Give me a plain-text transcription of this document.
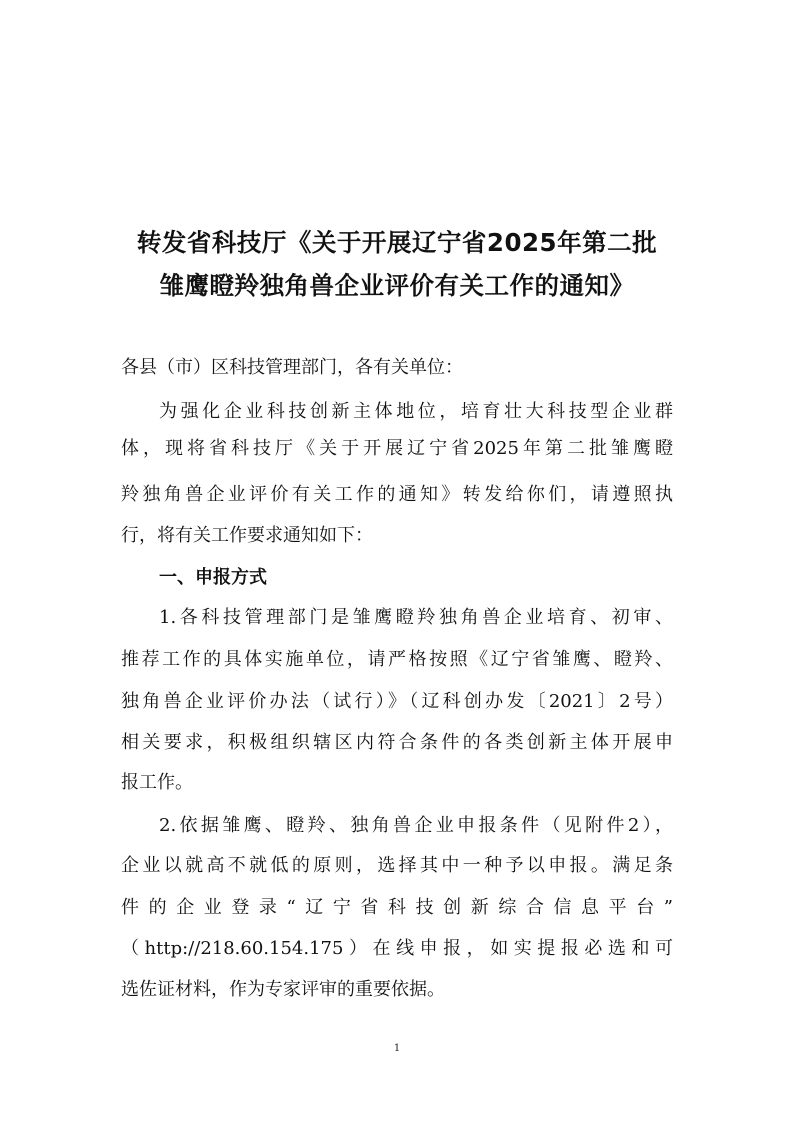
转发省科技厅《关于开展辽宁省2025年第二批
雏鹰瞪羚独角兽企业评价有关工作的通知》
各县（市）区科技管理部门，各有关单位：
为强化企业科技创新主体地位，培育壮大科技型企业群
体，现将省科技厅《关于开展辽宁省2025年第二批雏鹰瞪
羚独角兽企业评价有关工作的通知》转发给你们，请遵照执
行，将有关工作要求通知如下：
一、申报方式
1.各科技管理部门是雏鹰瞪羚独角兽企业培育、初审、
推荐工作的具体实施单位，请严格按照《辽宁省雏鹰、瞪羚、
独角兽企业评价办法（试行）》（辽科创办发〔2021〕2号）
相关要求，积极组织辖区内符合条件的各类创新主体开展申
报工作。
2.依据雏鹰、瞪羚、独角兽企业申报条件（见附件2），
企业以就高不就低的原则，选择其中一种予以申报。满足条
件的企业登录“辽宁省科技创新综合信息平台”
（http://218.60.154.175）在线申报，如实提报必选和可
选佐证材料，作为专家评审的重要依据。
1
